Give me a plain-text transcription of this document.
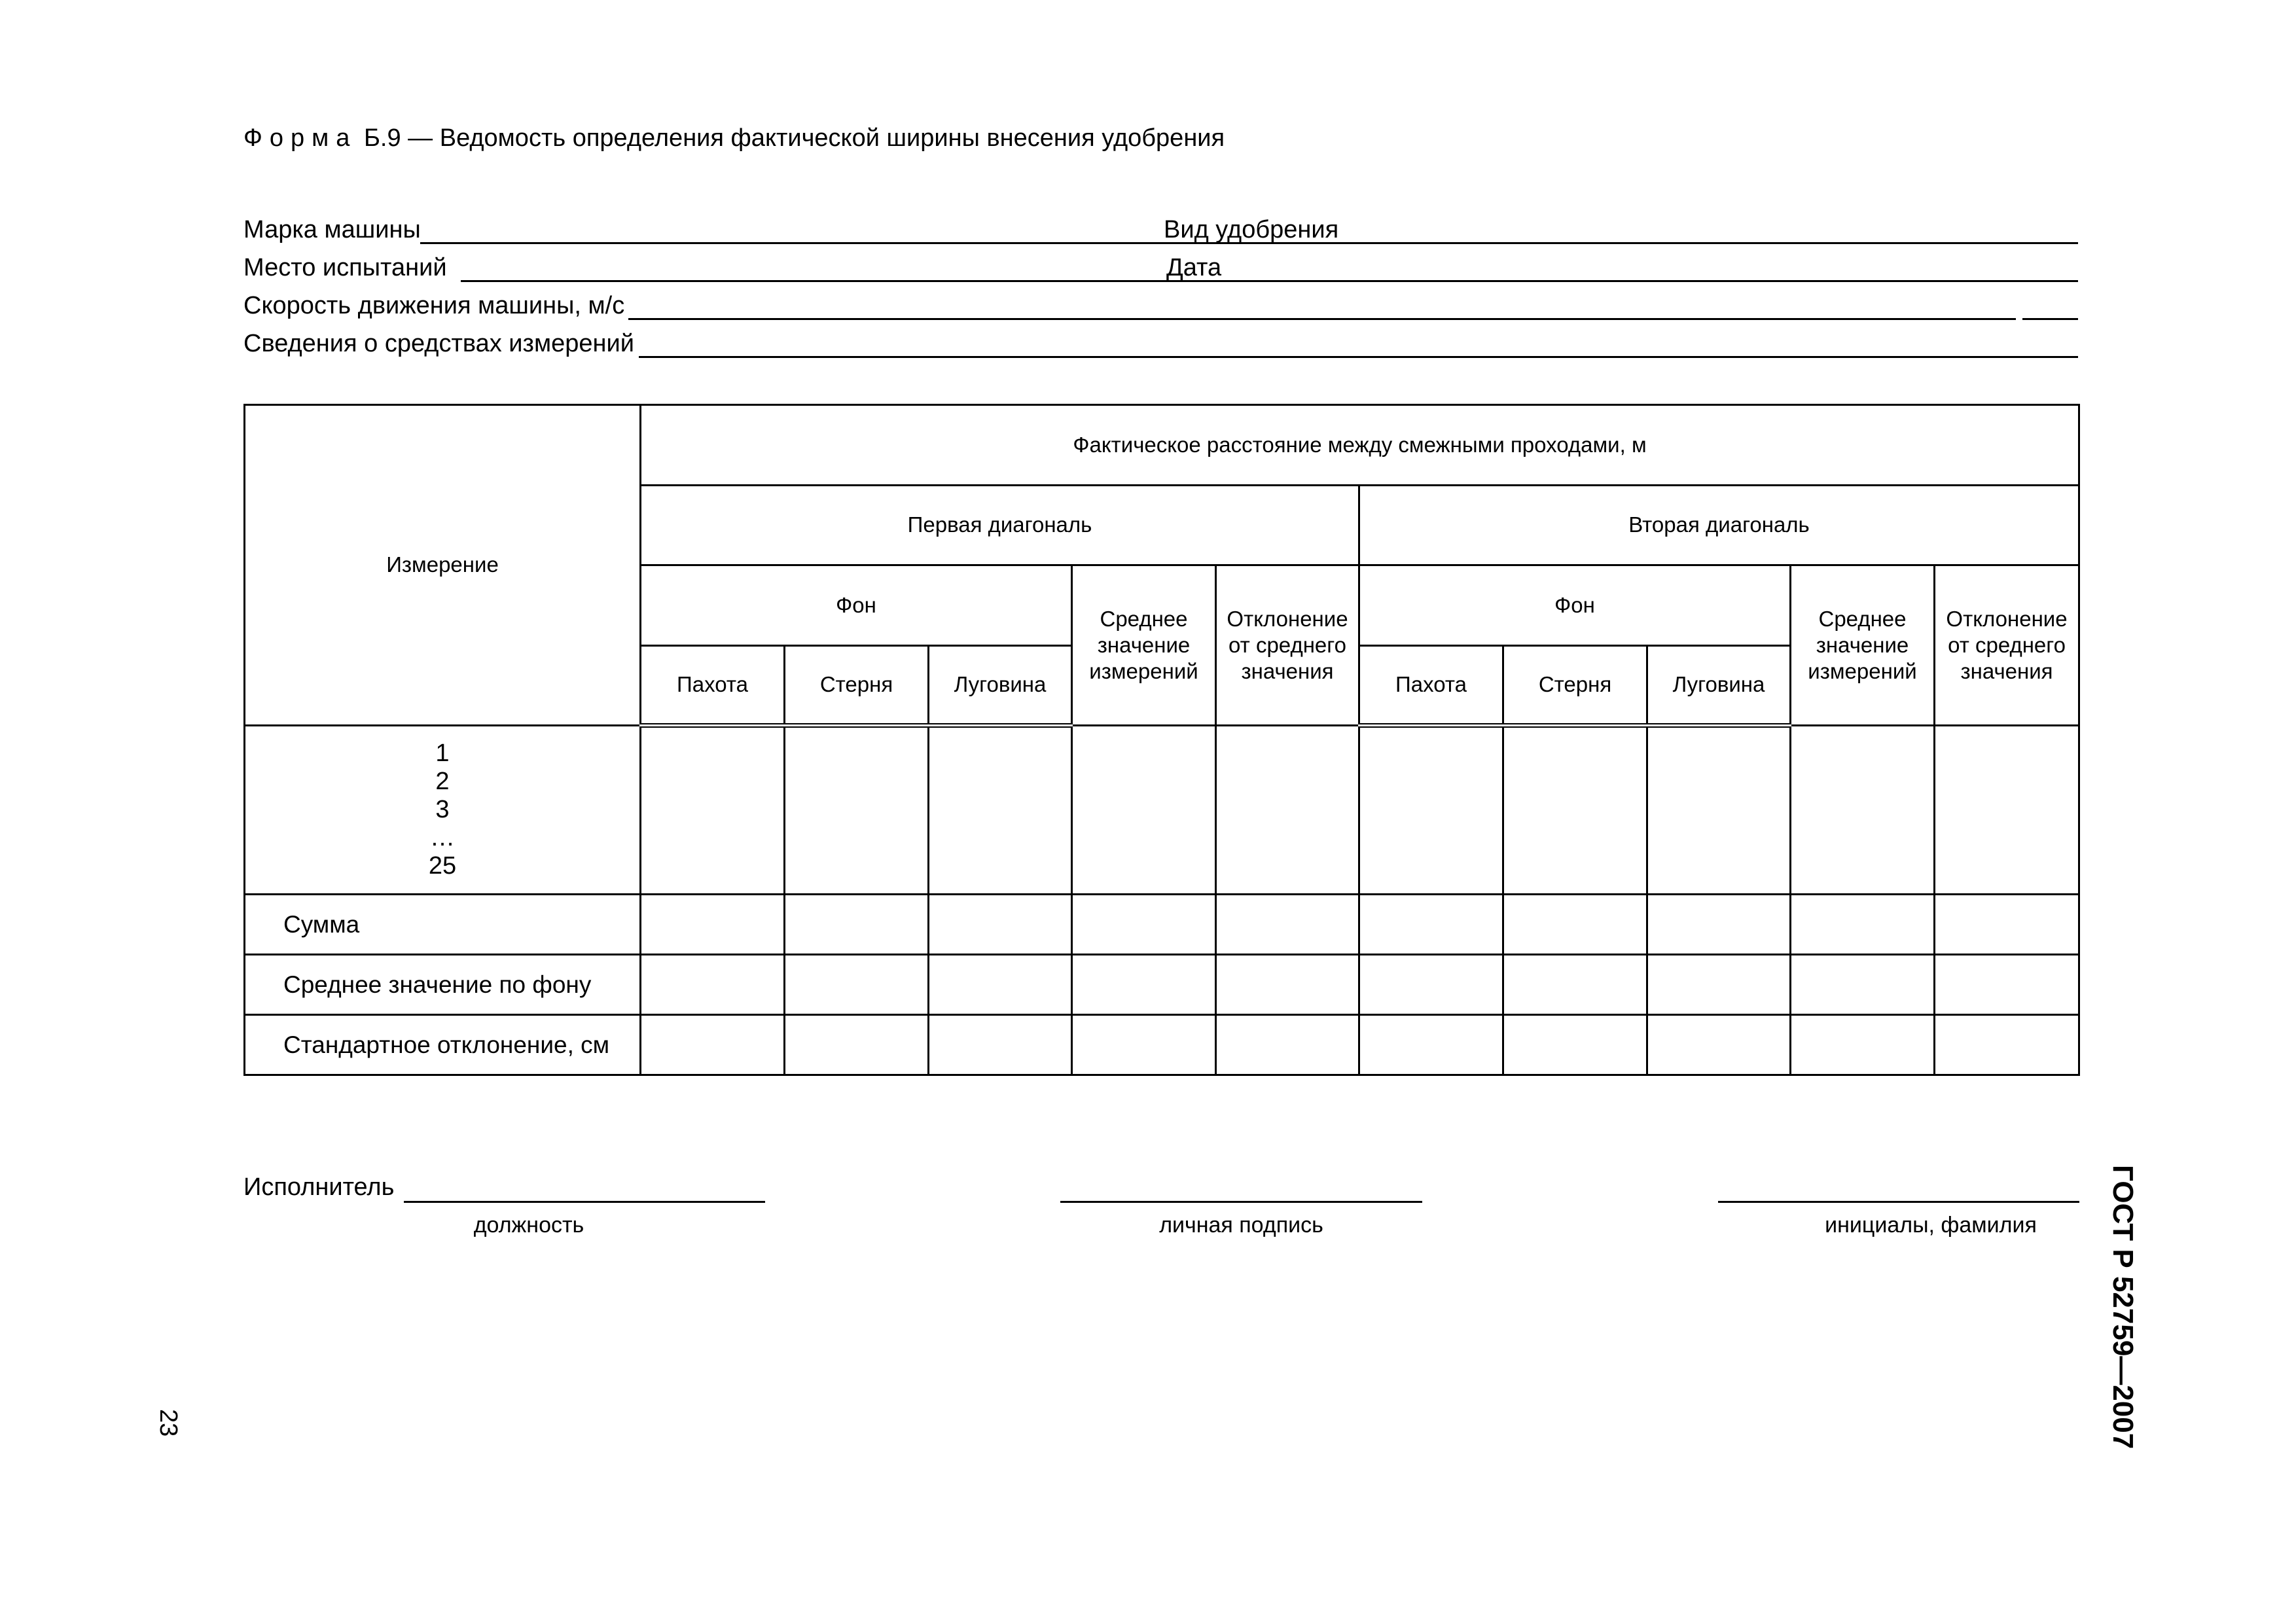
Форма Б.9 — Ведомость определения фактической ширины внесения удобрения
Марка машины	Вид удобрения
Место испытаний	Дата
Скорость движения машины, м/с
Сведения о средствах измерений
Измерение	Фактическое расстояние между смежными проходами, м									
	Первая диагональ					Вторая диагональ				
	Фон			Среднее значение измерений	Отклонение от среднего значения	Фон			Среднее значение измерений	Отклонение от среднего значения
	Пахота	Стерня	Луговина			Пахота	Стерня	Луговина		

1
2
3
…
25										

Сумма										
Среднее значение по фону										
Стандартное отклонение, см										
Исполнитель
должность	личная подпись	инициалы, фамилия	ГОСТ Р 52759—2007
23
